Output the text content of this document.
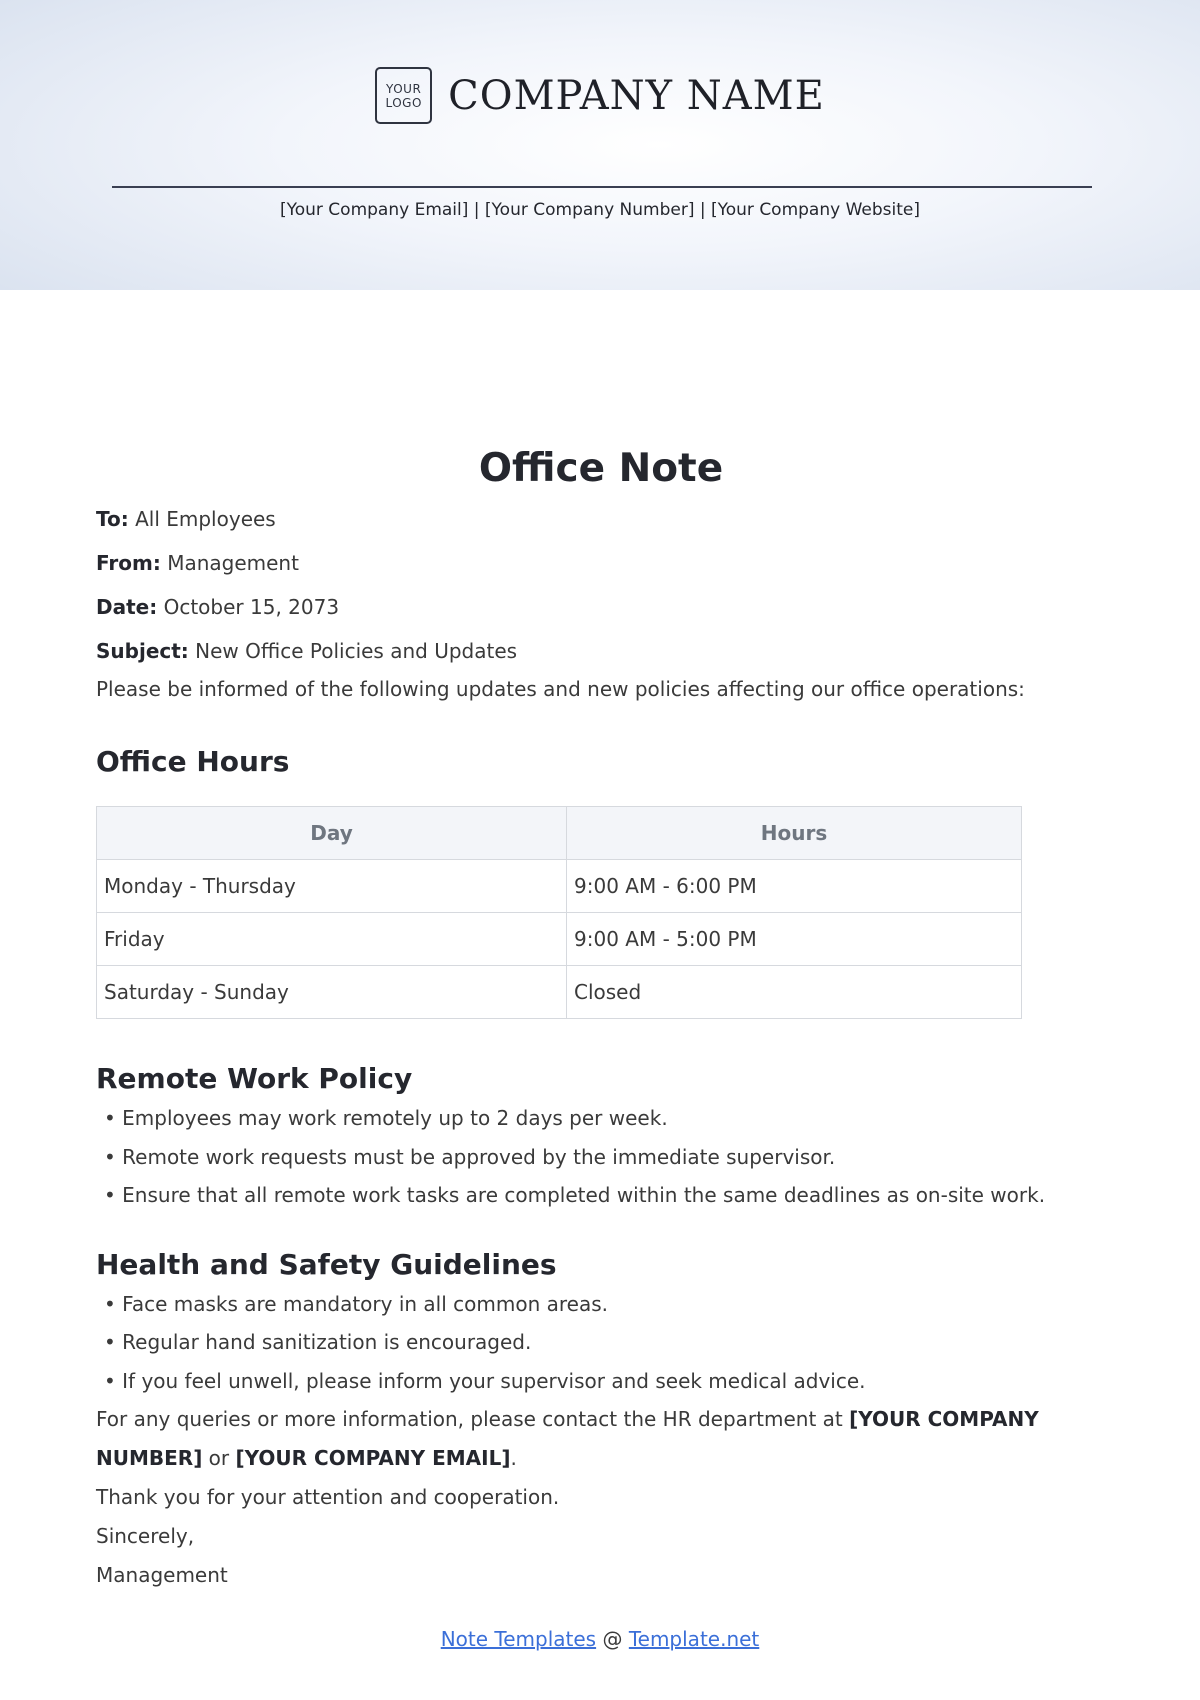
YOUR
LOGO COMPANY NAME
[Your Company Email] | [Your Company Number] | [Your Company Website]
Office Note
To: All Employees
From: Management
Date: October 15, 2073
Subject: New Office Policies and Updates
Please be informed of the following updates and new policies affecting our office operations:
Office Hours
Day	Hours
Monday - Thursday	9:00 AM - 6:00 PM
Friday	9:00 AM - 5:00 PM
Saturday - Sunday	Closed
Remote Work Policy
• Employees may work remotely up to 2 days per week.
• Remote work requests must be approved by the immediate supervisor.
• Ensure that all remote work tasks are completed within the same deadlines as on-site work.
Health and Safety Guidelines
• Face masks are mandatory in all common areas.
• Regular hand sanitization is encouraged.
• If you feel unwell, please inform your supervisor and seek medical advice.

For any queries or more information, please contact the HR department at [YOUR COMPANY NUMBER] or [YOUR COMPANY EMAIL].

Thank you for your attention and cooperation.

Sincerely,

Management

Note Templates @ Template.net
